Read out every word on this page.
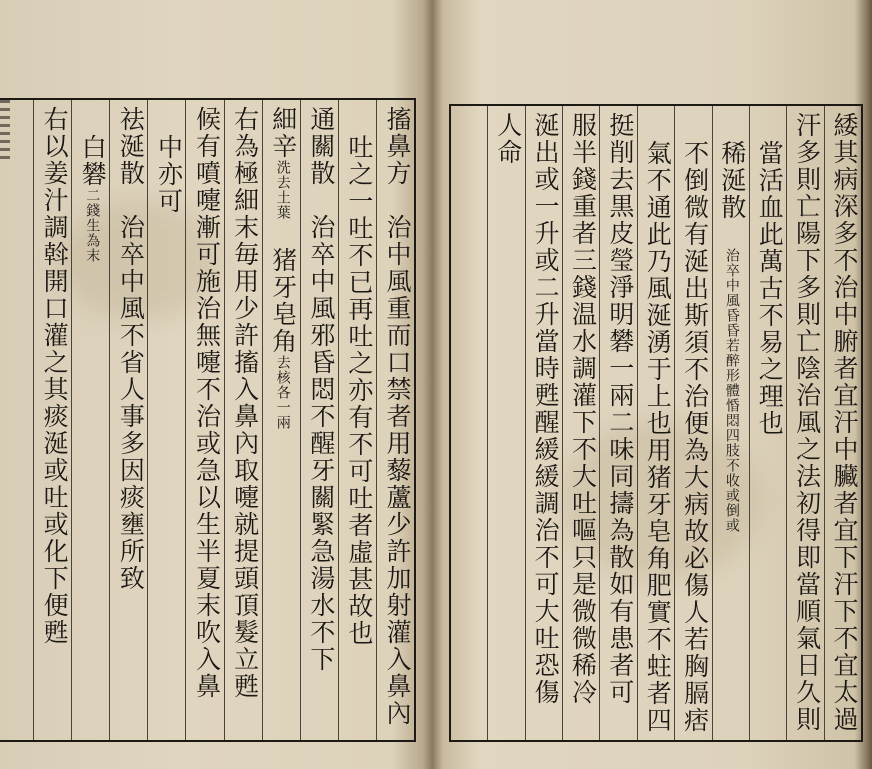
搐鼻方　治中風重而口禁者用藜蘆少許加射灌入鼻內
吐之一吐不已再吐之亦有不可吐者虛甚故也
通關散　治卒中風邪昏悶不醒牙關緊急湯水不下
細辛洗去土葉　猪牙皂角去核各一兩
右為極細末毎用少許搐入鼻內取嚏就提頭頂髮立甦
候有噴嚏漸可施治無嚏不治或急以生半夏末吹入鼻
中亦可
祛涎散　治卒中風不省人事多因痰壅所致
白礬二錢生為末
右以姜汁調斡開口灌之其痰涎或吐或化下便甦	緌其病深多不治中腑者宜汗中臟者宜下汗下不宜太過
汗多則亡陽下多則亡陰治風之法初得即當順氣日久則
當活血此萬古不易之理也
稀涎散　治卒中風昏昏若醉形體惛悶四肢不收或倒或
不倒微有涎出斯須不治便為大病故必傷人若胸膈痞
氣不通此乃風涎湧于上也用猪牙皂角肥實不蛀者四
挺削去黒皮瑩淨明礬一兩二味同擣為散如有患者可
服半錢重者三錢温水調灌下不大吐嘔只是微微稀冷
涎出或一升或二升當時甦醒緩緩調治不可大吐恐傷
人命
